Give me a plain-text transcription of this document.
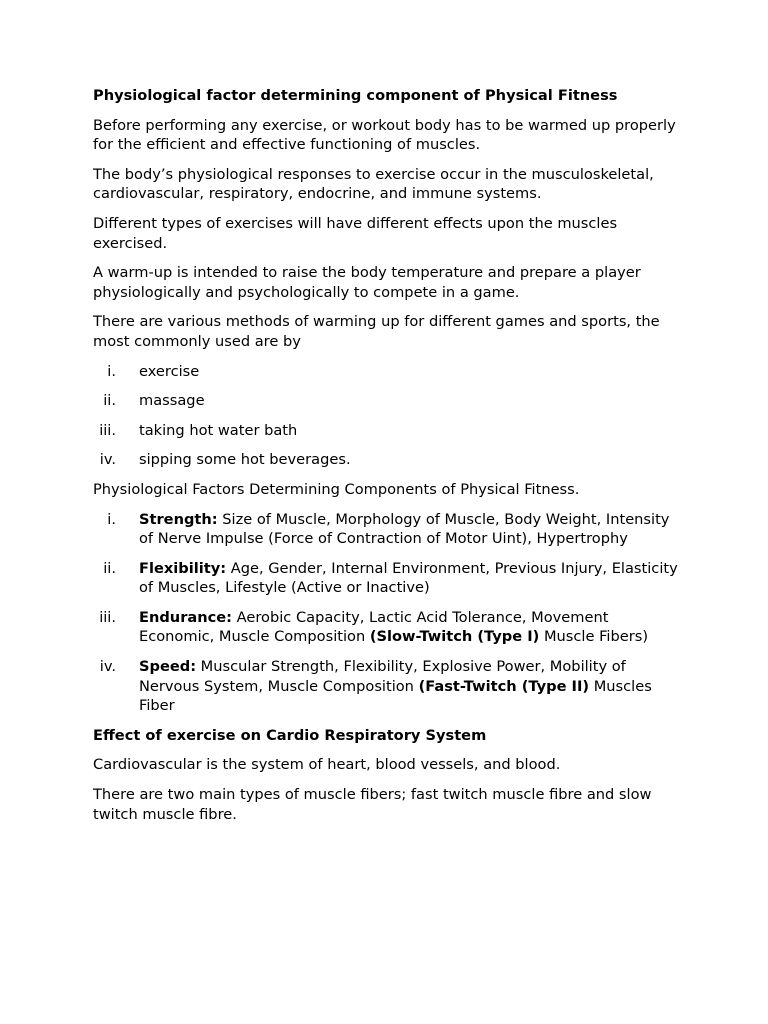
Physiological factor determining component of Physical Fitness

Before performing any exercise, or workout body has to be warmed up properly for the efficient and effective functioning of muscles.

The body’s physiological responses to exercise occur in the musculoskeletal, cardiovascular, respiratory, endocrine, and immune systems.

Different types of exercises will have different effects upon the muscles exercised.

A warm-up is intended to raise the body temperature and prepare a player physiologically and psychologically to compete in a game.

There are various methods of warming up for different games and sports, the most commonly used are by

i. exercise
ii. massage
iii. taking hot water bath
iv. sipping some hot beverages.

Physiological Factors Determining Components of Physical Fitness.

i. Strength: Size of Muscle, Morphology of Muscle, Body Weight, Intensity of Nerve Impulse (Force of Contraction of Motor Uint), Hypertrophy
ii. Flexibility: Age, Gender, Internal Environment, Previous Injury, Elasticity of Muscles, Lifestyle (Active or Inactive)
iii. Endurance: Aerobic Capacity, Lactic Acid Tolerance, Movement Economic, Muscle Composition (Slow-Twitch (Type I) Muscle Fibers)
iv. Speed: Muscular Strength, Flexibility, Explosive Power, Mobility of Nervous System, Muscle Composition (Fast-Twitch (Type II) Muscles Fiber
Effect of exercise on Cardio Respiratory System

Cardiovascular is the system of heart, blood vessels, and blood.

There are two main types of muscle fibers; fast twitch muscle fibre and slow twitch muscle fibre.
